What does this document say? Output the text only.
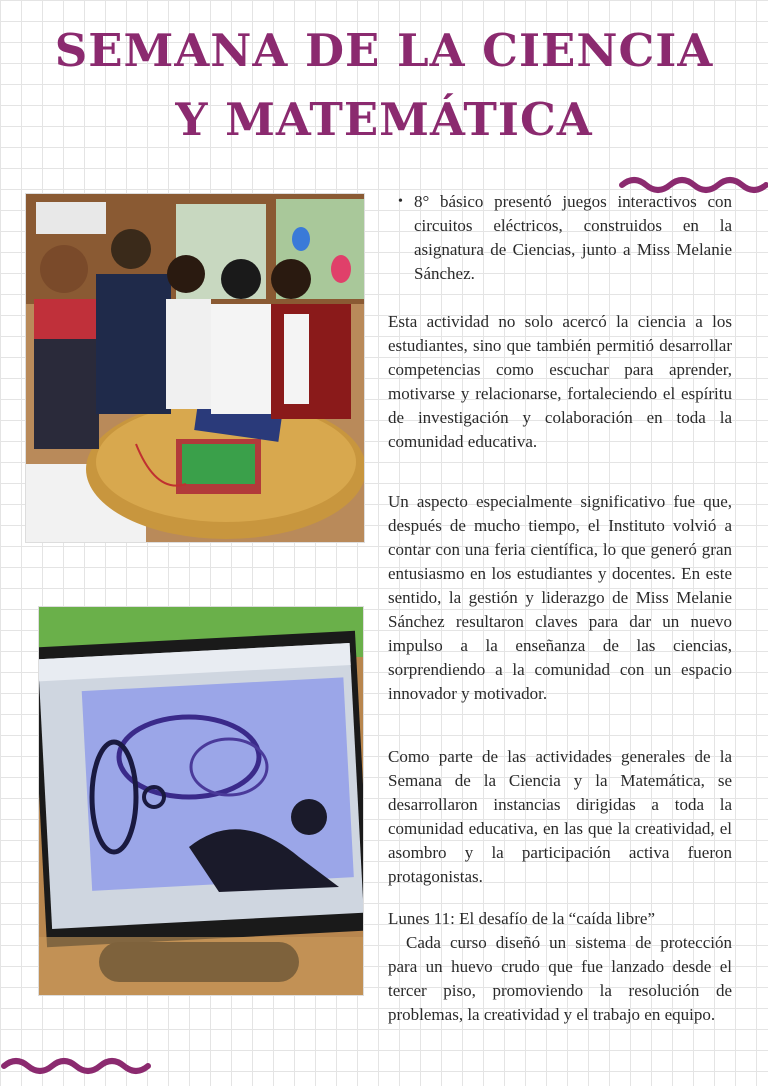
SEMANA DE LA CIENCIA
Y MATEMÁTICA
• 8° básico presentó juegos interactivos con circuitos eléctricos, construidos en la asignatura de Ciencias, junto a Miss Melanie Sánchez.

Esta actividad no solo acercó la ciencia a los estudiantes, sino que también permitió desarrollar competencias como escuchar para aprender, motivarse y relacionarse, fortaleciendo el espíritu de investigación y colaboración en toda la comunidad educativa.

Un aspecto especialmente significativo fue que, después de mucho tiempo, el Instituto volvió a contar con una feria científica, lo que generó gran entusiasmo en los estudiantes y docentes. En este sentido, la gestión y liderazgo de Miss Melanie Sánchez resultaron claves para dar un nuevo impulso a la enseñanza de las ciencias, sorprendiendo a la comunidad con un espacio innovador y motivador.

Como parte de las actividades generales de la Semana de la Ciencia y la Matemática, se desarrollaron instancias dirigidas a toda la comunidad educativa, en las que la creatividad, el asombro y la participación activa fueron protagonistas.

Lunes 11: El desafío de la “caída libre”

Cada curso diseñó un sistema de protección para un huevo crudo que fue lanzado desde el tercer piso, promoviendo la resolución de problemas, la creatividad y el trabajo en equipo.
